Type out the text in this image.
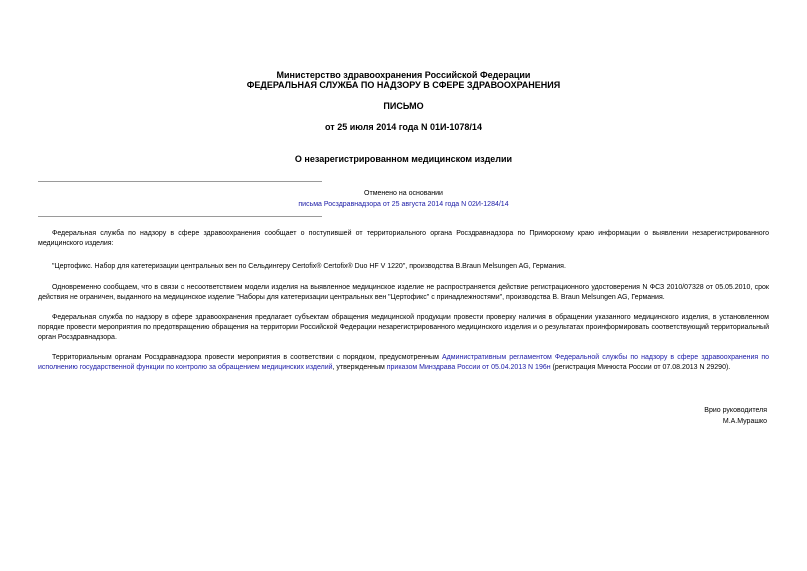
Министерство здравоохранения Российской Федерации
ФЕДЕРАЛЬНАЯ СЛУЖБА ПО НАДЗОРУ В СФЕРЕ ЗДРАВООХРАНЕНИЯ
ПИСЬМО
от 25 июля 2014 года N 01И-1078/14
О незарегистрированном медицинском изделии
Отменено на основании
письма Росздравнадзора от 25 августа 2014 года N 02И-1284/14
Федеральная служба по надзору в сфере здравоохранения сообщает о поступившей от территориального органа Росздравнадзора по Приморскому краю информации о выявлении незарегистрированного медицинского изделия:
"Цертофикс. Набор для катетеризации центральных вен по Сельдингеру Certofix® Certofix® Duo HF V 1220", производства B.Braun Melsungen AG, Германия.
Одновременно сообщаем, что в связи с несоответствием модели изделия на выявленное медицинское изделие не распространяется действие регистрационного удостоверения N ФСЗ 2010/07328 от 05.05.2010, срок действия не ограничен, выданного на медицинское изделие "Наборы для катетеризации центральных вен "Цертофикс" с принадлежностями", производства B. Braun Melsungen AG, Германия.
Федеральная служба по надзору в сфере здравоохранения предлагает субъектам обращения медицинской продукции провести проверку наличия в обращении указанного медицинского изделия, в установленном порядке провести мероприятия по предотвращению обращения на территории Российской Федерации незарегистрированного медицинского изделия и о результатах проинформировать соответствующий территориальный орган Росздравнадзора.
Территориальным органам Росздравнадзора провести мероприятия в соответствии с порядком, предусмотренным Административным регламентом Федеральной службы по надзору в сфере здравоохранения по исполнению государственной функции по контролю за обращением медицинских изделий, утвержденным приказом Минздрава России от 05.04.2013 N 196н (регистрация Минюста России от 07.08.2013 N 29290).
Врио руководителя
М.А.Мурашко
